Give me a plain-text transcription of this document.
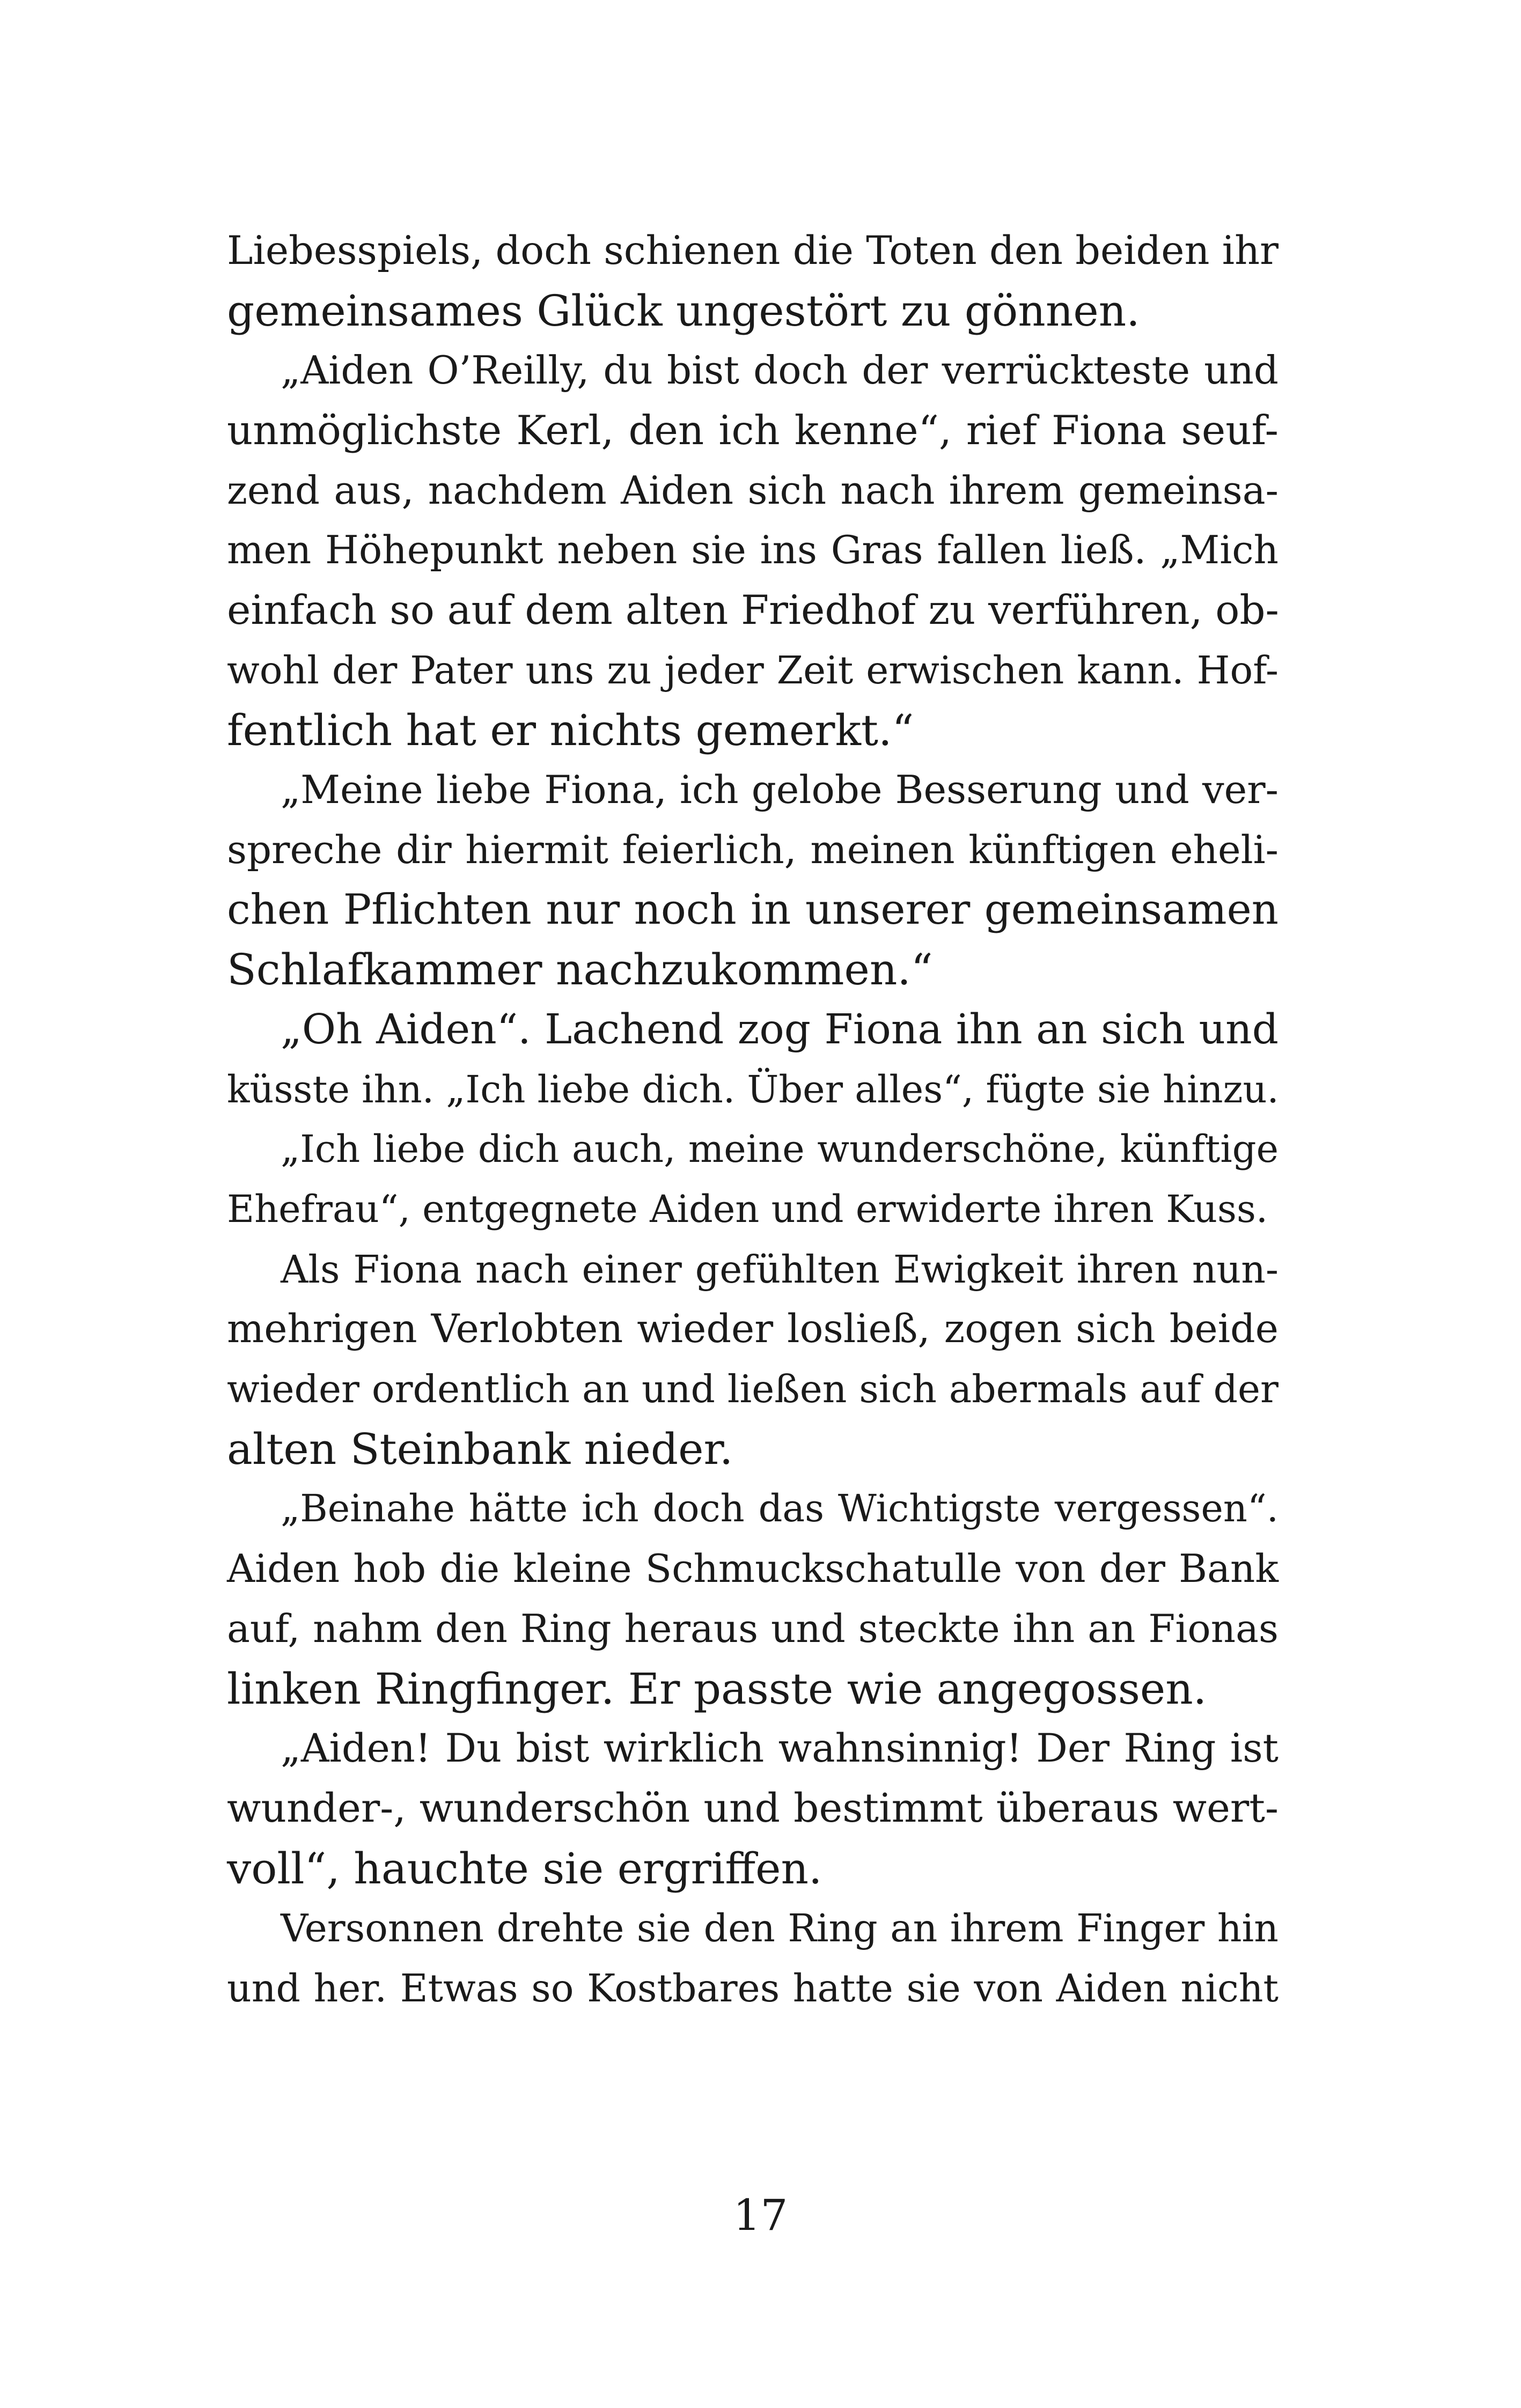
Liebesspiels, doch schienen die Toten den beiden ihr
gemeinsames Glück ungestört zu gönnen.
„Aiden O’Reilly, du bist doch der verrückteste und
unmöglichste Kerl, den ich kenne“, rief Fiona seuf-
zend aus, nachdem Aiden sich nach ihrem gemeinsa-
men Höhepunkt neben sie ins Gras fallen ließ. „Mich
einfach so auf dem alten Friedhof zu verführen, ob-
wohl der Pater uns zu jeder Zeit erwischen kann. Hof-
fentlich hat er nichts gemerkt.“
„Meine liebe Fiona, ich gelobe Besserung und ver-
spreche dir hiermit feierlich, meinen künftigen eheli-
chen Pflichten nur noch in unserer gemeinsamen
Schlafkammer nachzukommen.“
„Oh Aiden“. Lachend zog Fiona ihn an sich und
küsste ihn. „Ich liebe dich. Über alles“, fügte sie hinzu.
„Ich liebe dich auch, meine wunderschöne, künftige
Ehefrau“, entgegnete Aiden und erwiderte ihren Kuss.
Als Fiona nach einer gefühlten Ewigkeit ihren nun-
mehrigen Verlobten wieder losließ, zogen sich beide
wieder ordentlich an und ließen sich abermals auf der
alten Steinbank nieder.
„Beinahe hätte ich doch das Wichtigste vergessen“.
Aiden hob die kleine Schmuckschatulle von der Bank
auf, nahm den Ring heraus und steckte ihn an Fionas
linken Ringfinger. Er passte wie angegossen.
„Aiden! Du bist wirklich wahnsinnig! Der Ring ist
wunder-, wunderschön und bestimmt überaus wert-
voll“, hauchte sie ergriffen.
Versonnen drehte sie den Ring an ihrem Finger hin
und her. Etwas so Kostbares hatte sie von Aiden nicht
17
